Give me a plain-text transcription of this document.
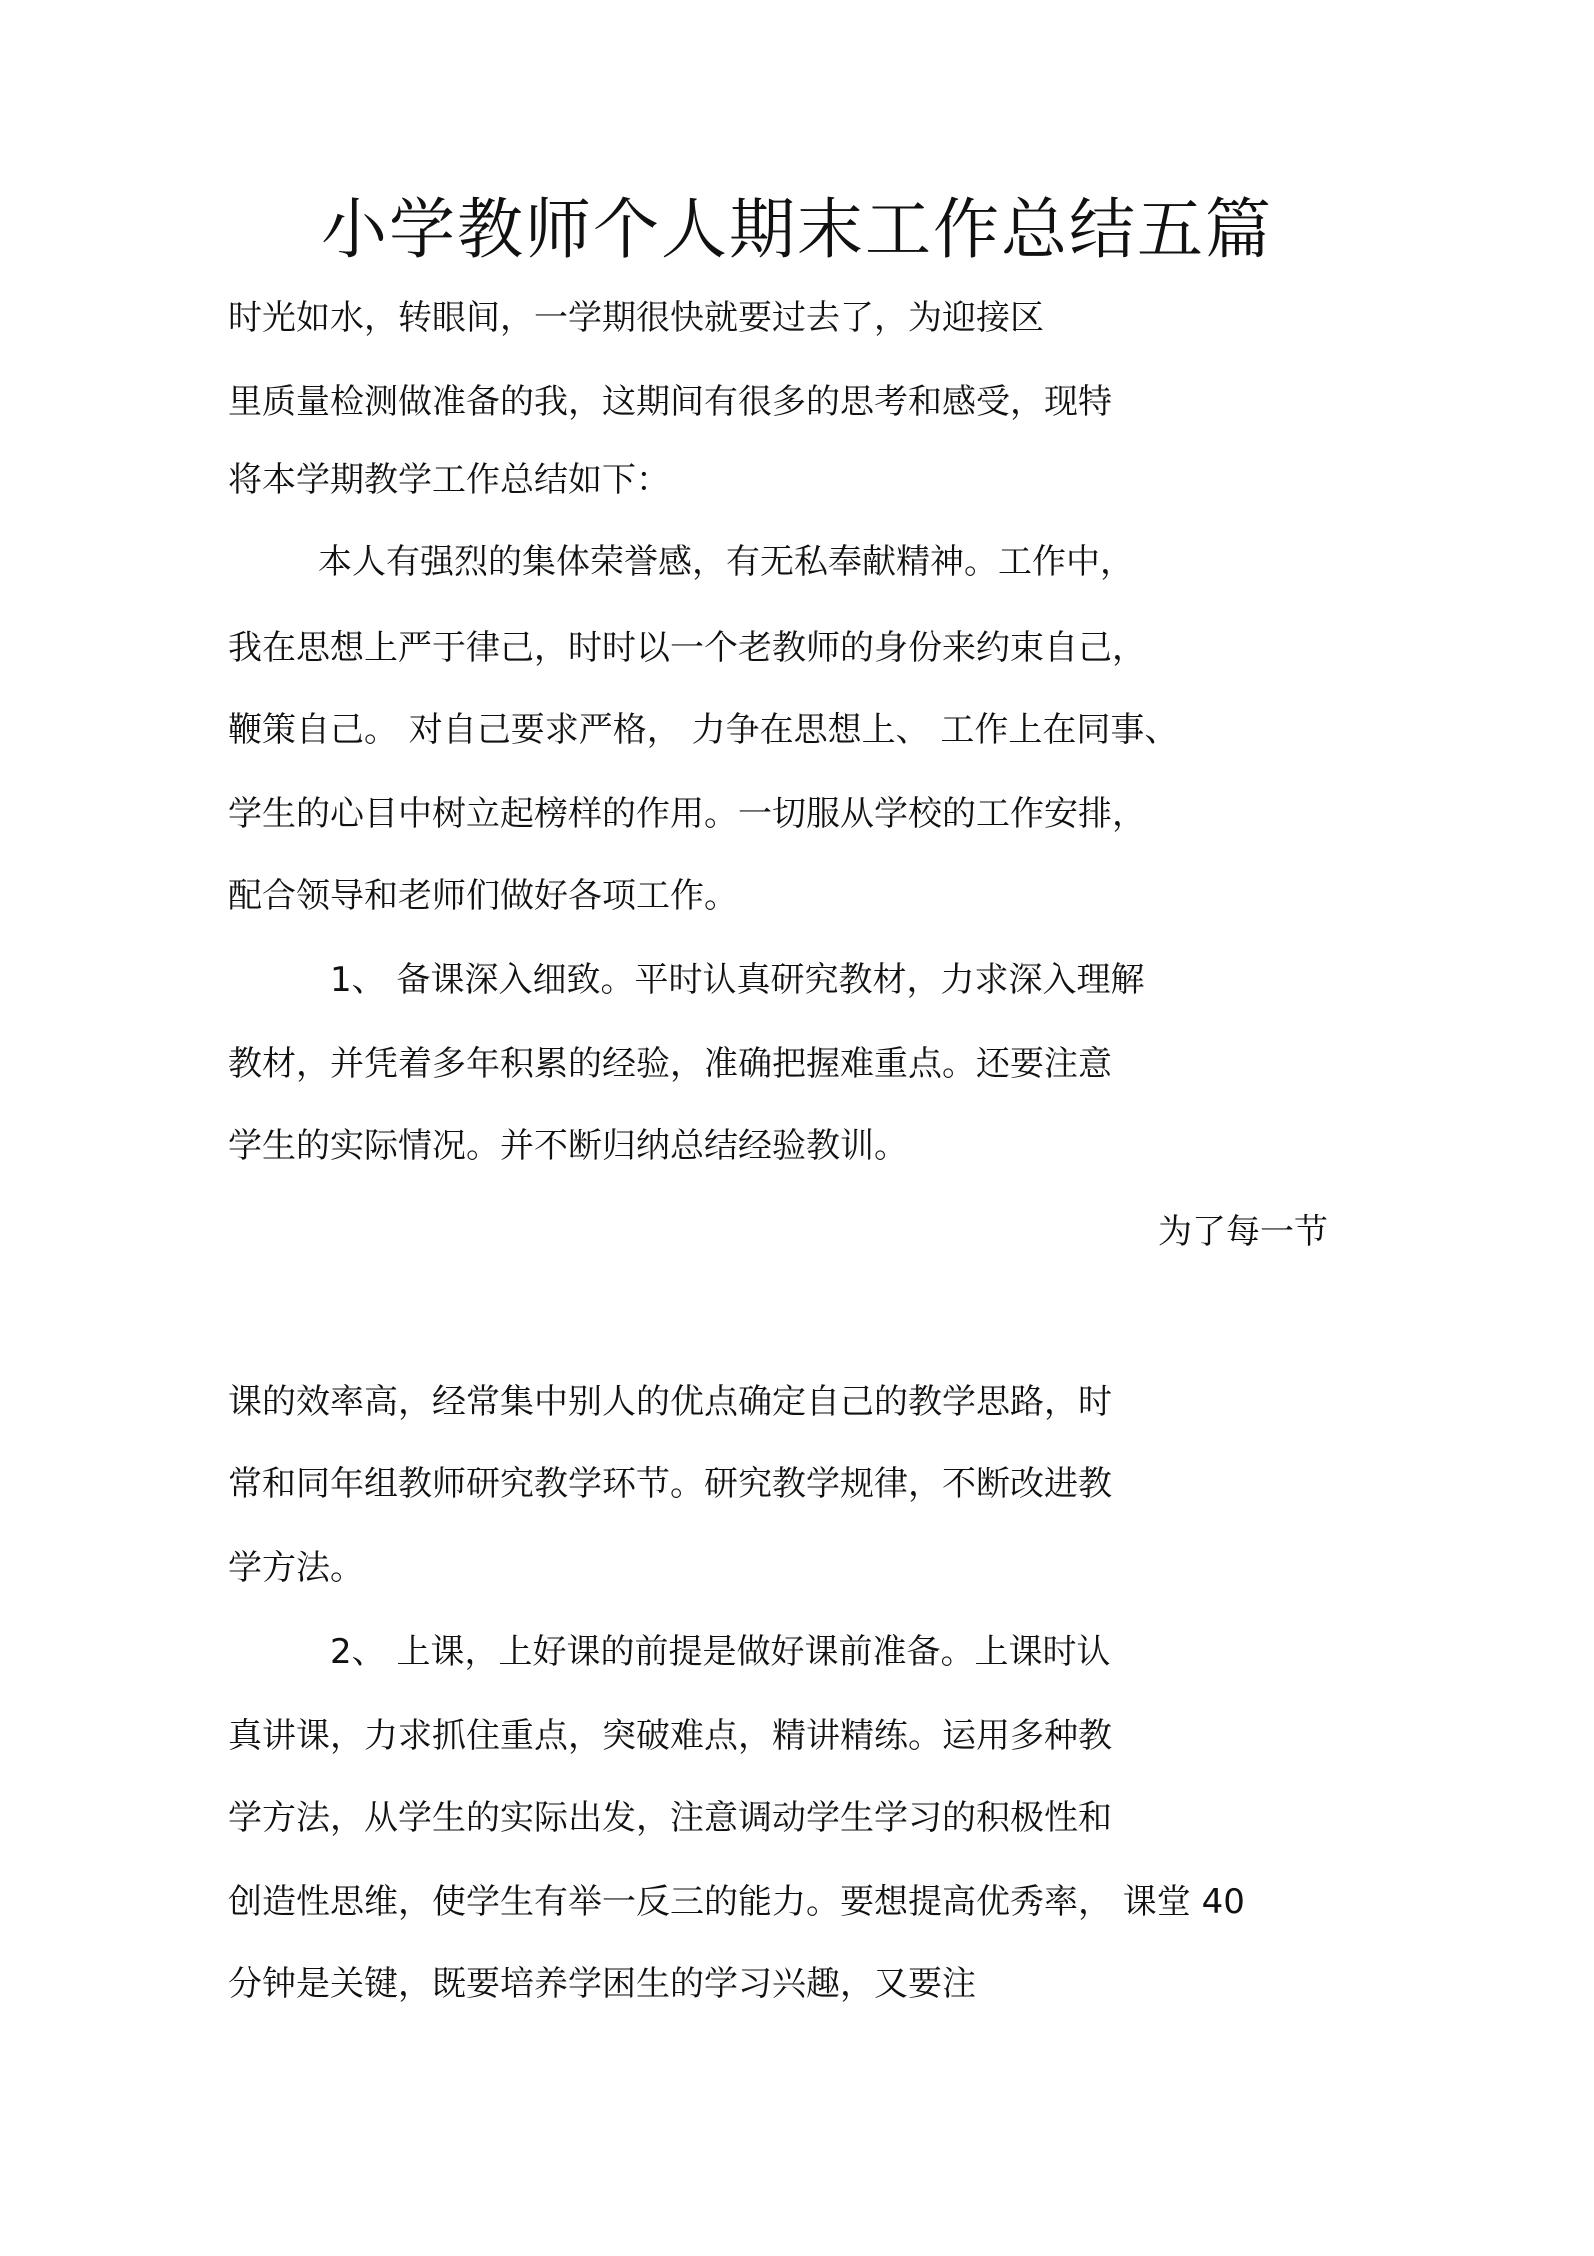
小学教师个人期末工作总结五篇
时光如水，转眼间，一学期很快就要过去了，为迎接区
里质量检测做准备的我，这期间有很多的思考和感受，现特
将本学期教学工作总结如下：
本人有强烈的集体荣誉感，有无私奉献精神。工作中，
我在思想上严于律己，时时以一个老教师的身份来约束自己，
鞭策自己。 对自己要求严格， 力争在思想上、 工作上在同事、
学生的心目中树立起榜样的作用。一切服从学校的工作安排，
配合领导和老师们做好各项工作。
1、 备课深入细致。平时认真研究教材，力求深入理解
教材，并凭着多年积累的经验，准确把握难重点。还要注意
学生的实际情况。并不断归纳总结经验教训。
为了每一节
课的效率高，经常集中别人的优点确定自己的教学思路，时
常和同年组教师研究教学环节。研究教学规律，不断改进教
学方法。
2、 上课，上好课的前提是做好课前准备。上课时认
真讲课，力求抓住重点，突破难点，精讲精练。运用多种教
学方法，从学生的实际出发，注意调动学生学习的积极性和
创造性思维，使学生有举一反三的能力。要想提高优秀率， 课堂 40
分钟是关键，既要培养学困生的学习兴趣，又要注
